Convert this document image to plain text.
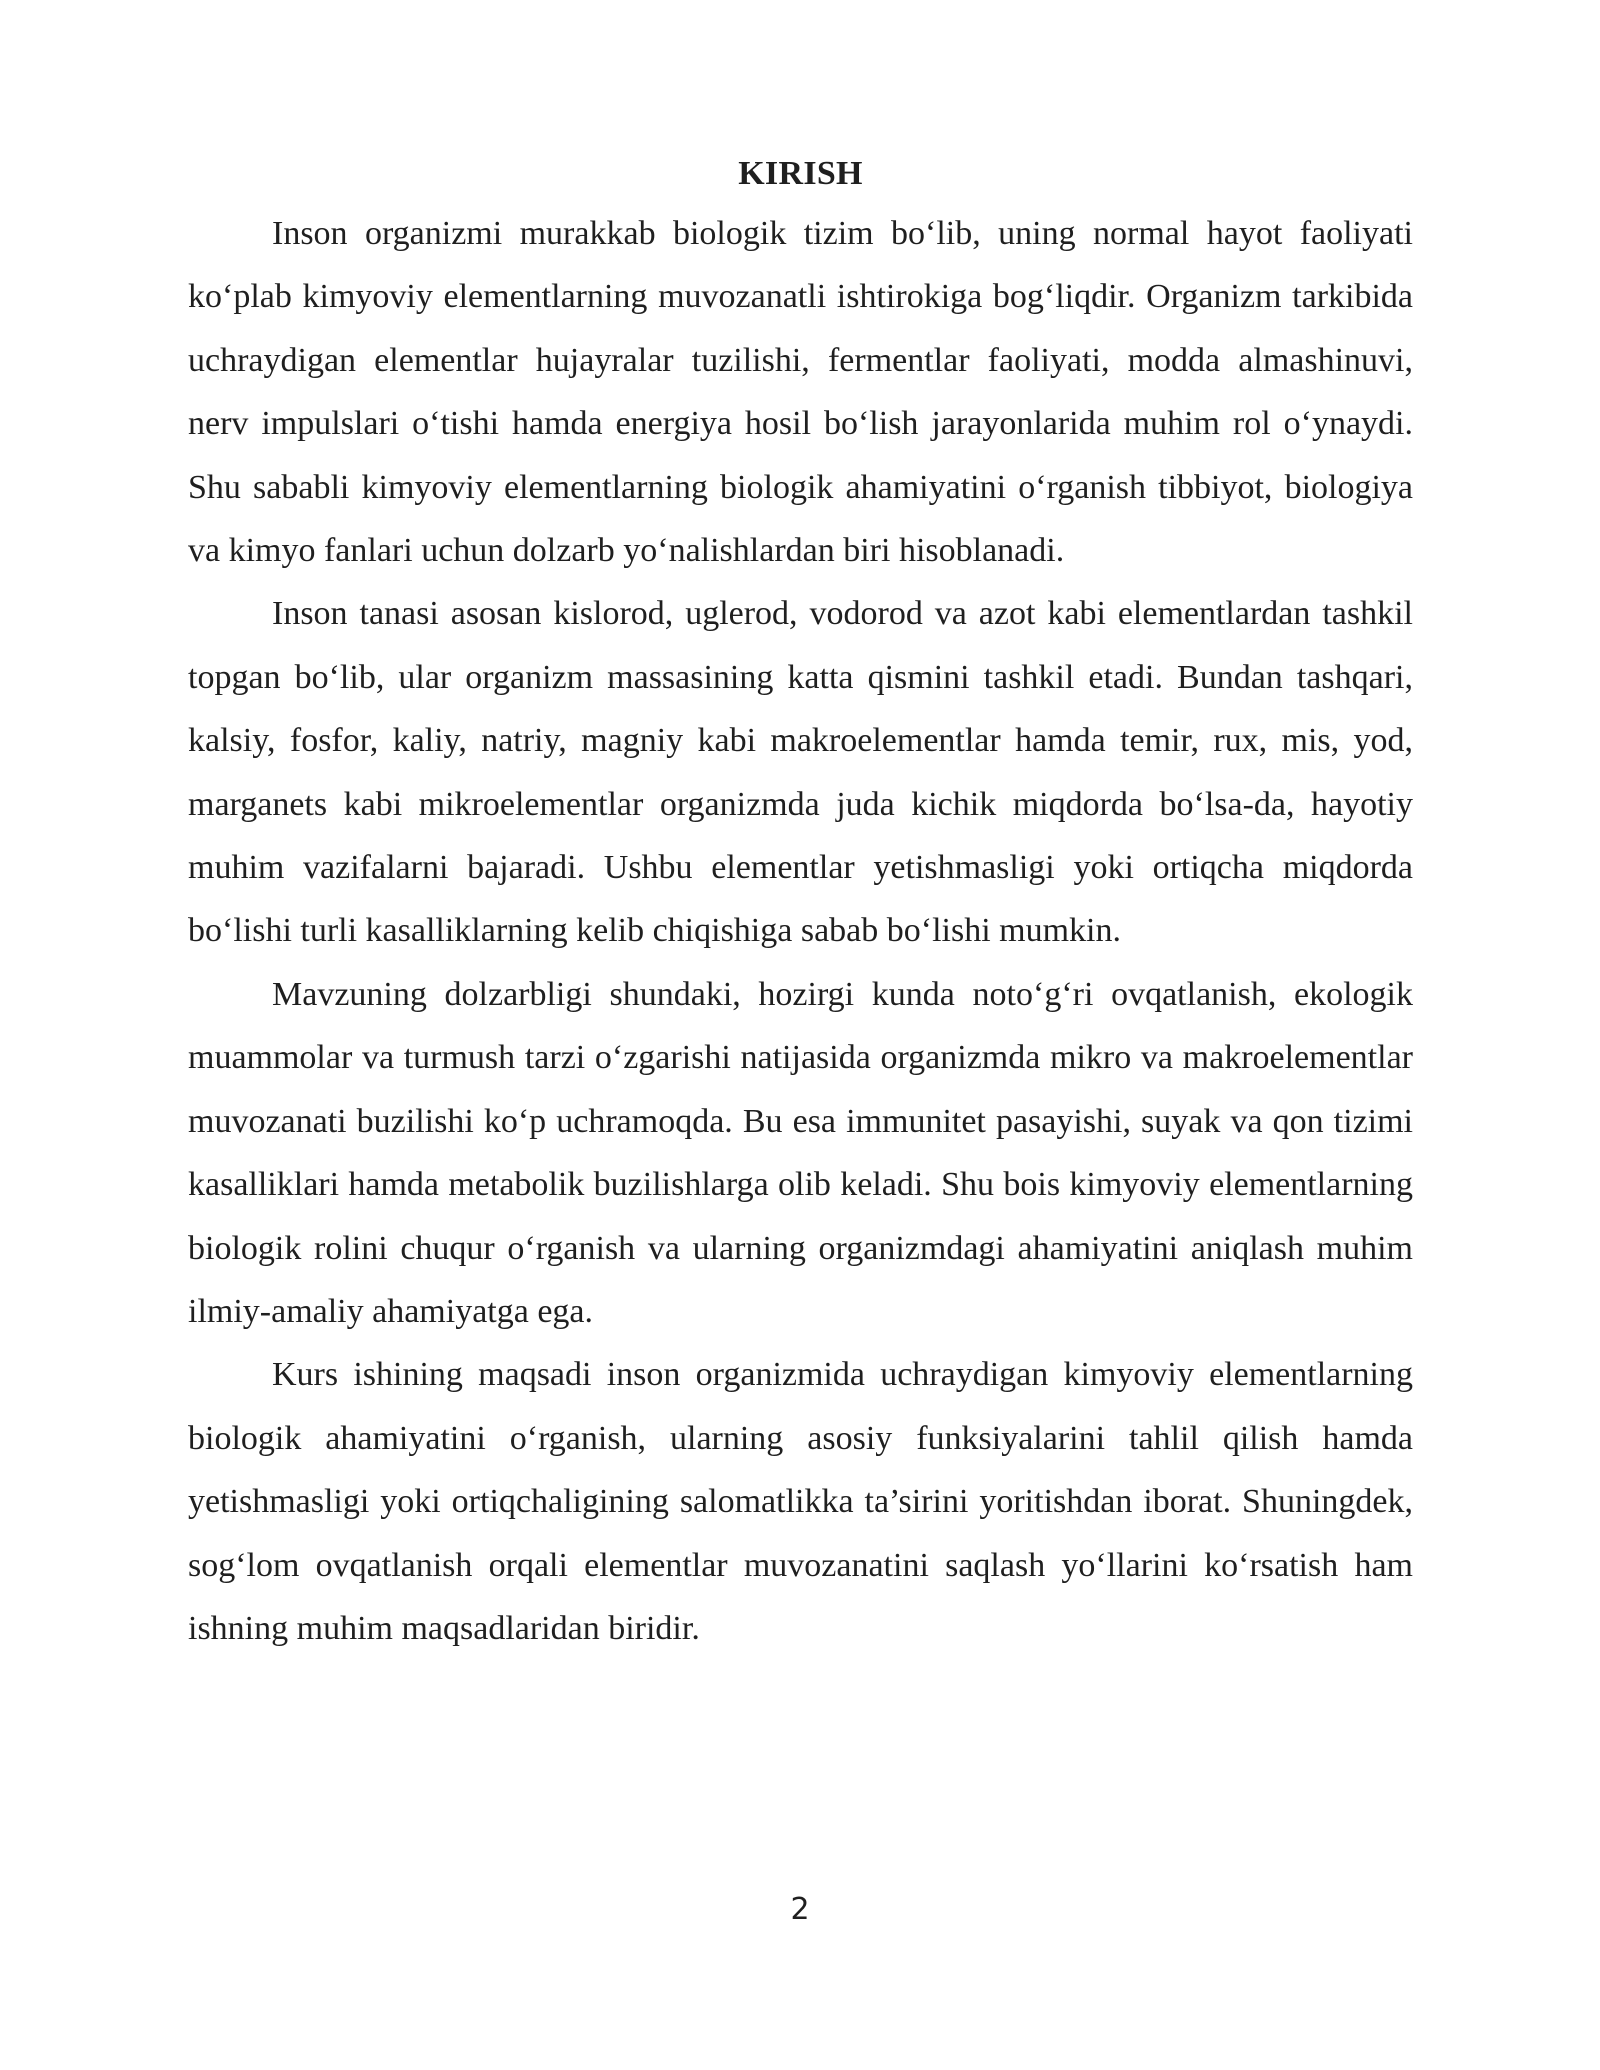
KIRISH

Inson organizmi murakkab biologik tizim bo‘lib, uning normal hayot faoliyati ko‘plab kimyoviy elementlarning muvozanatli ishtirokiga bog‘liqdir. Organizm tarkibida uchraydigan elementlar hujayralar tuzilishi, fermentlar faoliyati, modda almashinuvi, nerv impulslari o‘tishi hamda energiya hosil bo‘lish jarayonlarida muhim rol o‘ynaydi. Shu sababli kimyoviy elementlarning biologik ahamiyatini o‘rganish tibbiyot, biologiya va kimyo fanlari uchun dolzarb yo‘nalishlardan biri hisoblanadi.

Inson tanasi asosan kislorod, uglerod, vodorod va azot kabi elementlardan tashkil topgan bo‘lib, ular organizm massasining katta qismini tashkil etadi. Bundan tashqari, kalsiy, fosfor, kaliy, natriy, magniy kabi makroelementlar hamda temir, rux, mis, yod, marganets kabi mikroelementlar organizmda juda kichik miqdorda bo‘lsa-da, hayotiy muhim vazifalarni bajaradi. Ushbu elementlar yetishmasligi yoki ortiqcha miqdorda bo‘lishi turli kasalliklarning kelib chiqishiga sabab bo‘lishi mumkin.

Mavzuning dolzarbligi shundaki, hozirgi kunda noto‘g‘ri ovqatlanish, ekologik muammolar va turmush tarzi o‘zgarishi natijasida organizmda mikro va makroelementlar muvozanati buzilishi ko‘p uchramoqda. Bu esa immunitet pasayishi, suyak va qon tizimi kasalliklari hamda metabolik buzilishlarga olib keladi. Shu bois kimyoviy elementlarning biologik rolini chuqur o‘rganish va ularning organizmdagi ahamiyatini aniqlash muhim ilmiy-amaliy ahamiyatga ega.

Kurs ishining maqsadi inson organizmida uchraydigan kimyoviy elementlarning biologik ahamiyatini o‘rganish, ularning asosiy funksiyalarini tahlil qilish hamda yetishmasligi yoki ortiqchaligining salomatlikka ta’sirini yoritishdan iborat. Shuningdek, sog‘lom ovqatlanish orqali elementlar muvozanatini saqlash yo‘llarini ko‘rsatish ham ishning muhim maqsadlaridan biridir.

2
